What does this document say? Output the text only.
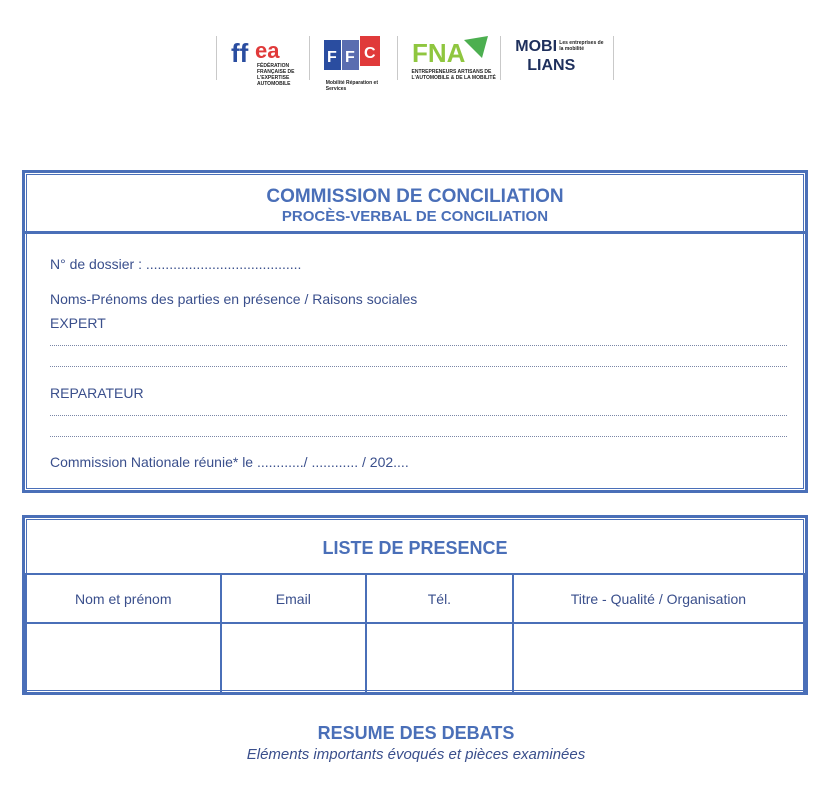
ff ea
FÉDÉRATION FRANÇAISE DE L'EXPERTISE AUTOMOBILE
F F C
Mobilité Réparation et Services
FNA
ENTREPRENEURS ARTISANS DE L'AUTOMOBILE & DE LA MOBILITÉ
MOBI
LIANS
Les entreprises de la mobilité
COMMISSION DE CONCILIATION
PROCÈS-VERBAL DE CONCILIATION
N° de dossier : ........................................
Noms-Prénoms des parties en présence / Raisons sociales
EXPERT
REPARATEUR
Commission Nationale réunie* le ............/ ............ / 202....
LISTE DE PRESENCE
Nom et prénom	Email	Tél.	Titre - Qualité / Organisation

RESUME DES DEBATS
Eléments importants évoqués et pièces examinées
